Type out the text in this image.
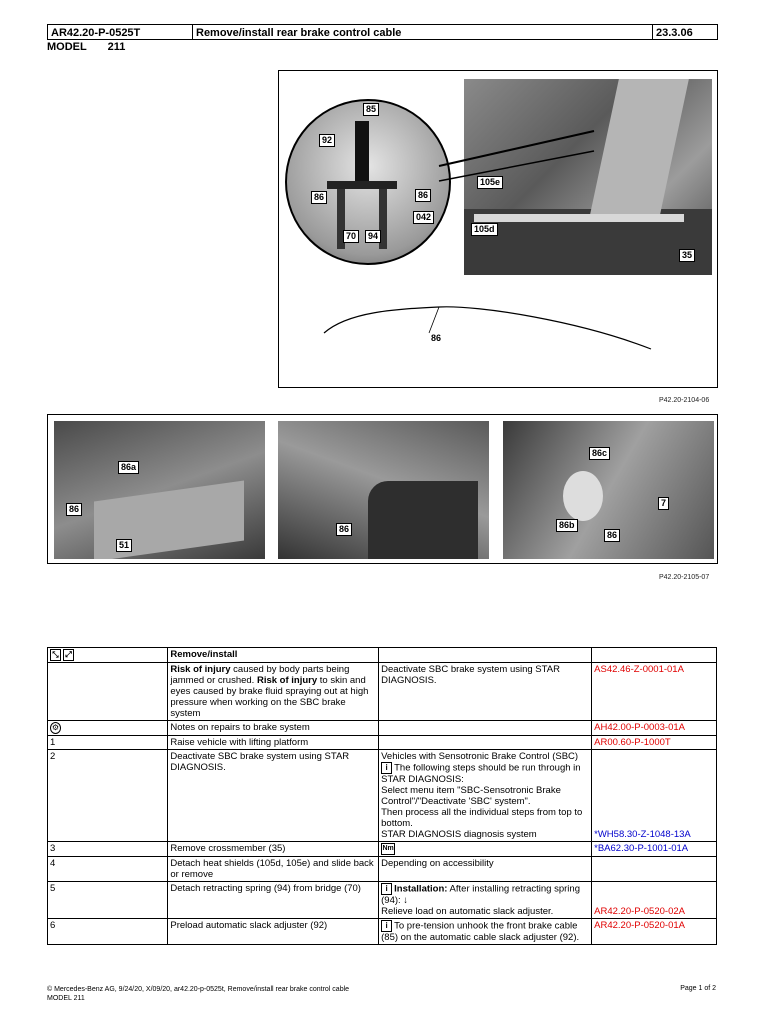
AR42.20-P-0525T	Remove/install rear brake control cable	23.3.06
MODEL 211
85
92
86	86
042
70	94
105e
105d
35
86
P42.20-2104-06
86a
86
51
86
86c
7
86b
86
P42.20-2105-07
⤡ ⤢	Remove/install		
	Risk of injury caused by body parts being jammed or crushed. Risk of injury to skin and eyes caused by brake fluid spraying out at high pressure when working on the SBC brake system	Deactivate SBC brake system using STAR DIAGNOSIS.	AS42.46-Z-0001-01A
⚙	Notes on repairs to brake system		AH42.00-P-0003-01A
1	Raise vehicle with lifting platform		AR00.60-P-1000T
2	Deactivate SBC brake system using STAR DIAGNOSIS.	Vehicles with Sensotronic Brake Control (SBC)
i The following steps should be run through in STAR DIAGNOSIS:
Select menu item "SBC-Sensotronic Brake Control"/"Deactivate 'SBC' system".
Then process all the individual steps from top to bottom.
STAR DIAGNOSIS diagnosis system	*WH58.30-Z-1048-13A
3	Remove crossmember (35)	Nm	*BA62.30-P-1001-01A
4	Detach heat shields (105d, 105e) and slide back or remove	Depending on accessibility	
5	Detach retracting spring (94) from bridge (70)	i Installation: After installing retracting spring (94): ↓
Relieve load on automatic slack adjuster.	AR42.20-P-0520-02A
6	Preload automatic slack adjuster (92)	i To pre-tension unhook the front brake cable (85) on the automatic cable slack adjuster (92).	AR42.20-P-0520-01A
© Mercedes-Benz AG, 9/24/20, X/09/20, ar42.20-p-0525t, Remove/install rear brake control cable
MODEL 211
Page 1 of 2
